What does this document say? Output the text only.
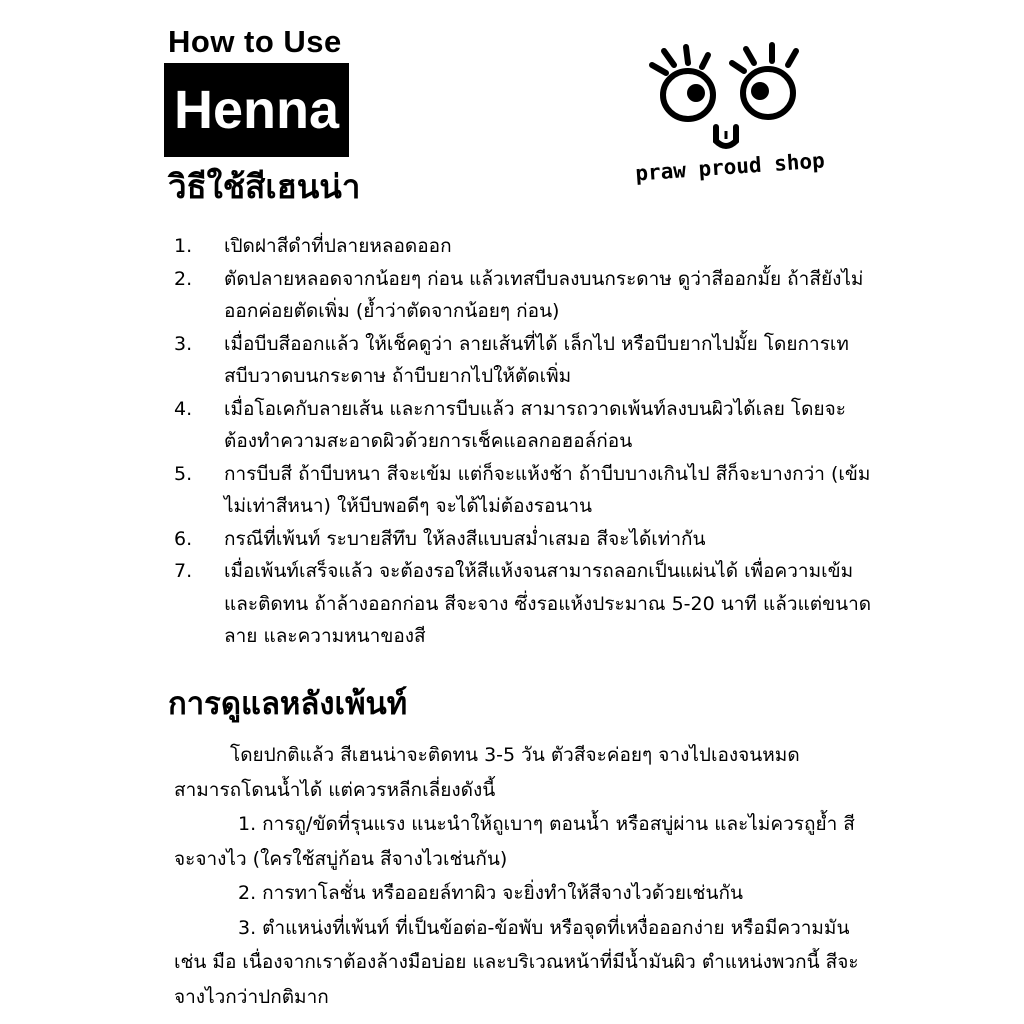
How to Use
Henna
วิธีใช้สีเฮนน่า	praw proud shop
1.	เปิดฝาสีดำที่ปลายหลอดออก
2.	ตัดปลายหลอดจากน้อยๆ ก่อน แล้วเทสบีบลงบนกระดาษ ดูว่าสีออกมั้ย ถ้าสียังไม่ออกค่อยตัดเพิ่ม (ย้ำว่าตัดจากน้อยๆ ก่อน)
3.	เมื่อบีบสีออกแล้ว ให้เช็คดูว่า ลายเส้นที่ได้ เล็กไป หรือบีบยากไปมั้ย โดยการเทสบีบวาดบนกระดาษ ถ้าบีบยากไปให้ตัดเพิ่ม
4.	เมื่อโอเคกับลายเส้น และการบีบแล้ว สามารถวาดเพ้นท์ลงบนผิวได้เลย โดยจะต้องทำความสะอาดผิวด้วยการเช็คแอลกอฮอล์ก่อน
5.	การบีบสี ถ้าบีบหนา สีจะเข้ม แต่ก็จะแห้งช้า ถ้าบีบบางเกินไป สีก็จะบางกว่า (เข้มไม่เท่าสีหนา) ให้บีบพอดีๆ จะได้ไม่ต้องรอนาน
6.	กรณีที่เพ้นท์ ระบายสีทึบ ให้ลงสีแบบสม่ำเสมอ สีจะได้เท่ากัน
7.	เมื่อเพ้นท์เสร็จแล้ว จะต้องรอให้สีแห้งจนสามารถลอกเป็นแผ่นได้ เพื่อความเข้ม และติดทน ถ้าล้างออกก่อน สีจะจาง ซึ่งรอแห้งประมาณ 5-20 นาที แล้วแต่ขนาดลาย และความหนาของสี
การดูแลหลังเพ้นท์

โดยปกติแล้ว สีเฮนน่าจะติดทน 3-5 วัน ตัวสีจะค่อยๆ จางไปเองจนหมด สามารถโดนน้ำได้ แต่ควรหลีกเลี่ยงดังนี้

1. การถู/ขัดที่รุนแรง แนะนำให้ถูเบาๆ ตอนน้ำ หรือสบู่ผ่าน และไม่ควรถูย้ำ สีจะจางไว (ใครใช้สบู่ก้อน สีจางไวเช่นกัน)

2. การทาโลชั่น หรือออยล์ทาผิว จะยิ่งทำให้สีจางไวด้วยเช่นกัน

3. ตำแหน่งที่เพ้นท์ ที่เป็นข้อต่อ-ข้อพับ หรือจุดที่เหงื่อออกง่าย หรือมีความมัน เช่น มือ เนื่องจากเราต้องล้างมือบ่อย และบริเวณหน้าที่มีน้ำมันผิว ตำแหน่งพวกนี้ สีจะจางไวกว่าปกติมาก
